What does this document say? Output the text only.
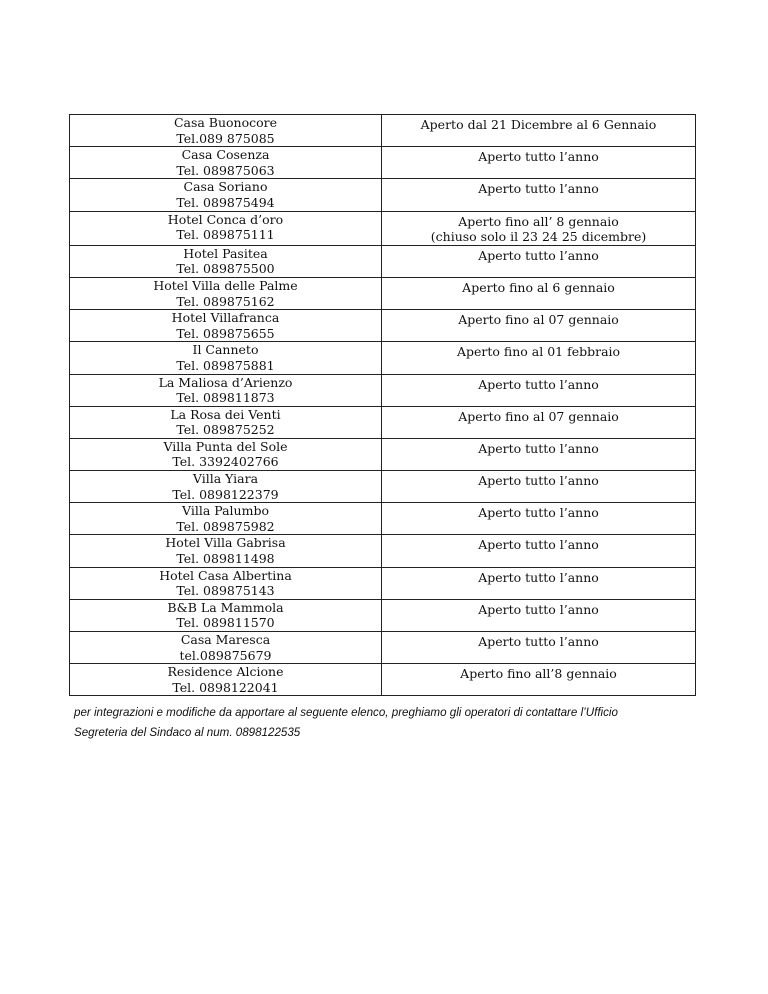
Casa Buonocore
Tel.089 875085	Aperto dal 21 Dicembre al 6 Gennaio

Casa Cosenza
Tel. 089875063	Aperto tutto l’anno

Casa Soriano
Tel. 089875494	Aperto tutto l’anno

Hotel Conca d’oro
Tel. 089875111	Aperto fino all’ 8 gennaio
(chiuso solo il 23 24 25 dicembre)

Hotel Pasitea
Tel. 089875500	Aperto tutto l’anno

Hotel Villa delle Palme
Tel. 089875162	Aperto fino al 6 gennaio

Hotel Villafranca
Tel. 089875655	Aperto fino al 07 gennaio

Il Canneto
Tel. 089875881	Aperto fino al 01 febbraio

La Maliosa d’Arienzo
Tel. 089811873	Aperto tutto l’anno

La Rosa dei Venti
Tel. 089875252	Aperto fino al 07 gennaio

Villa Punta del Sole
Tel. 3392402766	Aperto tutto l’anno

Villa Yiara
Tel. 0898122379	Aperto tutto l’anno

Villa Palumbo
Tel. 089875982	Aperto tutto l’anno

Hotel Villa Gabrisa
Tel. 089811498	Aperto tutto l’anno

Hotel Casa Albertina
Tel. 089875143	Aperto tutto l’anno

B&B La Mammola
Tel. 089811570	Aperto tutto l’anno

Casa Maresca
tel.089875679	Aperto tutto l’anno

Residence Alcione
Tel. 0898122041	Aperto fino all’8 gennaio
per integrazioni e modifiche da apportare al seguente elenco, preghiamo gli operatori di contattare l’Ufficio
Segreteria del Sindaco al num. 0898122535
